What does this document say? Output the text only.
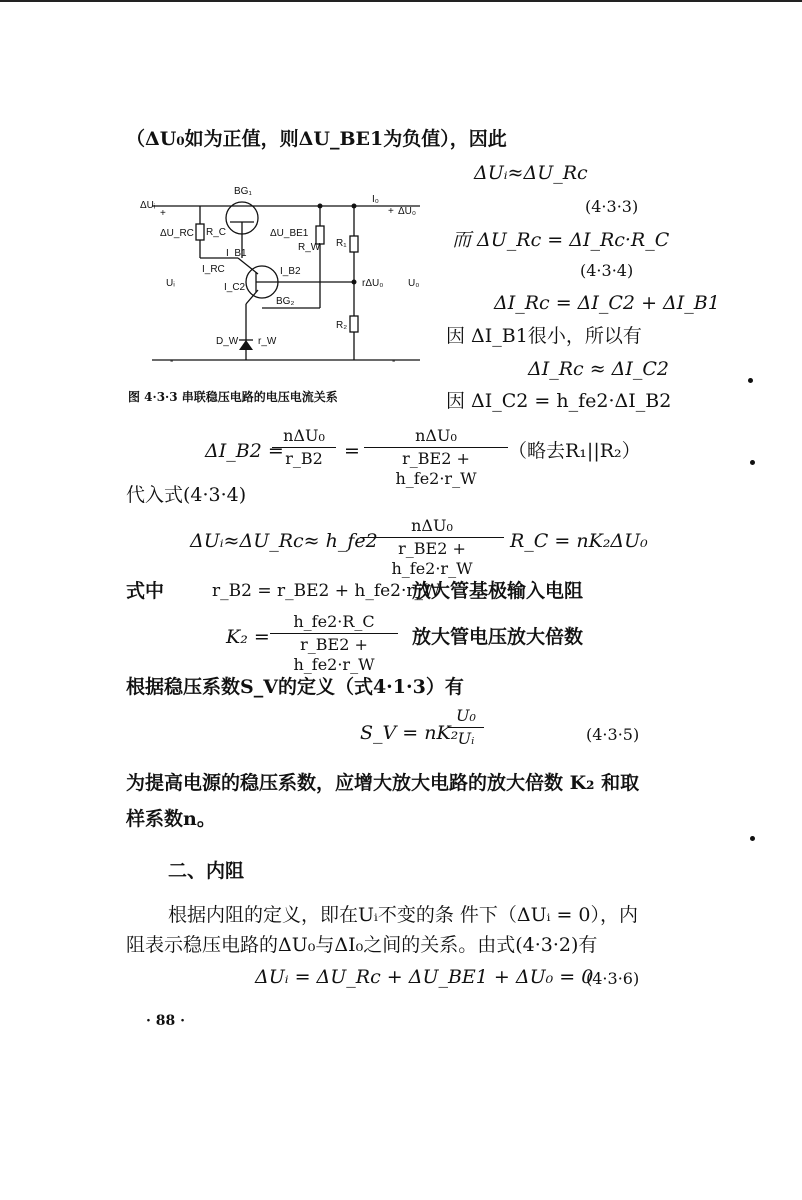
（ΔU₀如为正值，则ΔU_BE1为负值），因此
ΔUᵢ
+
ΔU_RC R_C
I_B1
I_RC
I_C2
BG₁
ΔU_BE1
I_B2
BG₂
R_W R₁
R₂
rΔU₀ U₀
I₀
+ ΔU₀
Uᵢ
D_W r_W
-	-
图 4·3·3 串联稳压电路的电压电流关系
ΔUᵢ≈ΔU_Rc
(4·3·3)
而 ΔU_Rc = ΔI_Rc·R_C
(4·3·4)
ΔI_Rc = ΔI_C2 + ΔI_B1
因 ΔI_B1很小，所以有
ΔI_Rc ≈ ΔI_C2
因 ΔI_C2 = h_fe2·ΔI_B2
ΔI_B2 =
nΔU₀
r_B2	=
nΔU₀
r_BE2 + h_fe2·r_W
（略去R₁||R₂）
代入式(4·3·4)
ΔUᵢ≈ΔU_Rc≈ h_fe2
nΔU₀
r_BE2 + h_fe2·r_W
R_C = nK₂ΔU₀
式中	r_B2 = r_BE2 + h_fe2·r_W
放大管基极输入电阻
K₂ =
h_fe2·R_C
r_BE2 + h_fe2·r_W
放大管电压放大倍数
根据稳压系数S_V的定义（式4·1·3）有
S_V = nK₂
U₀
Uᵢ	(4·3·5)
为提高电源的稳压系数，应增大放大电路的放大倍数 K₂ 和取
样系数n。
二、内阻
根据内阻的定义，即在Uᵢ不变的条 件下（ΔUᵢ = 0），内
阻表示稳压电路的ΔU₀与ΔI₀之间的关系。由式(4·3·2)有
ΔUᵢ = ΔU_Rc + ΔU_BE1 + ΔU₀ = 0
(4·3·6)
· 88 ·
